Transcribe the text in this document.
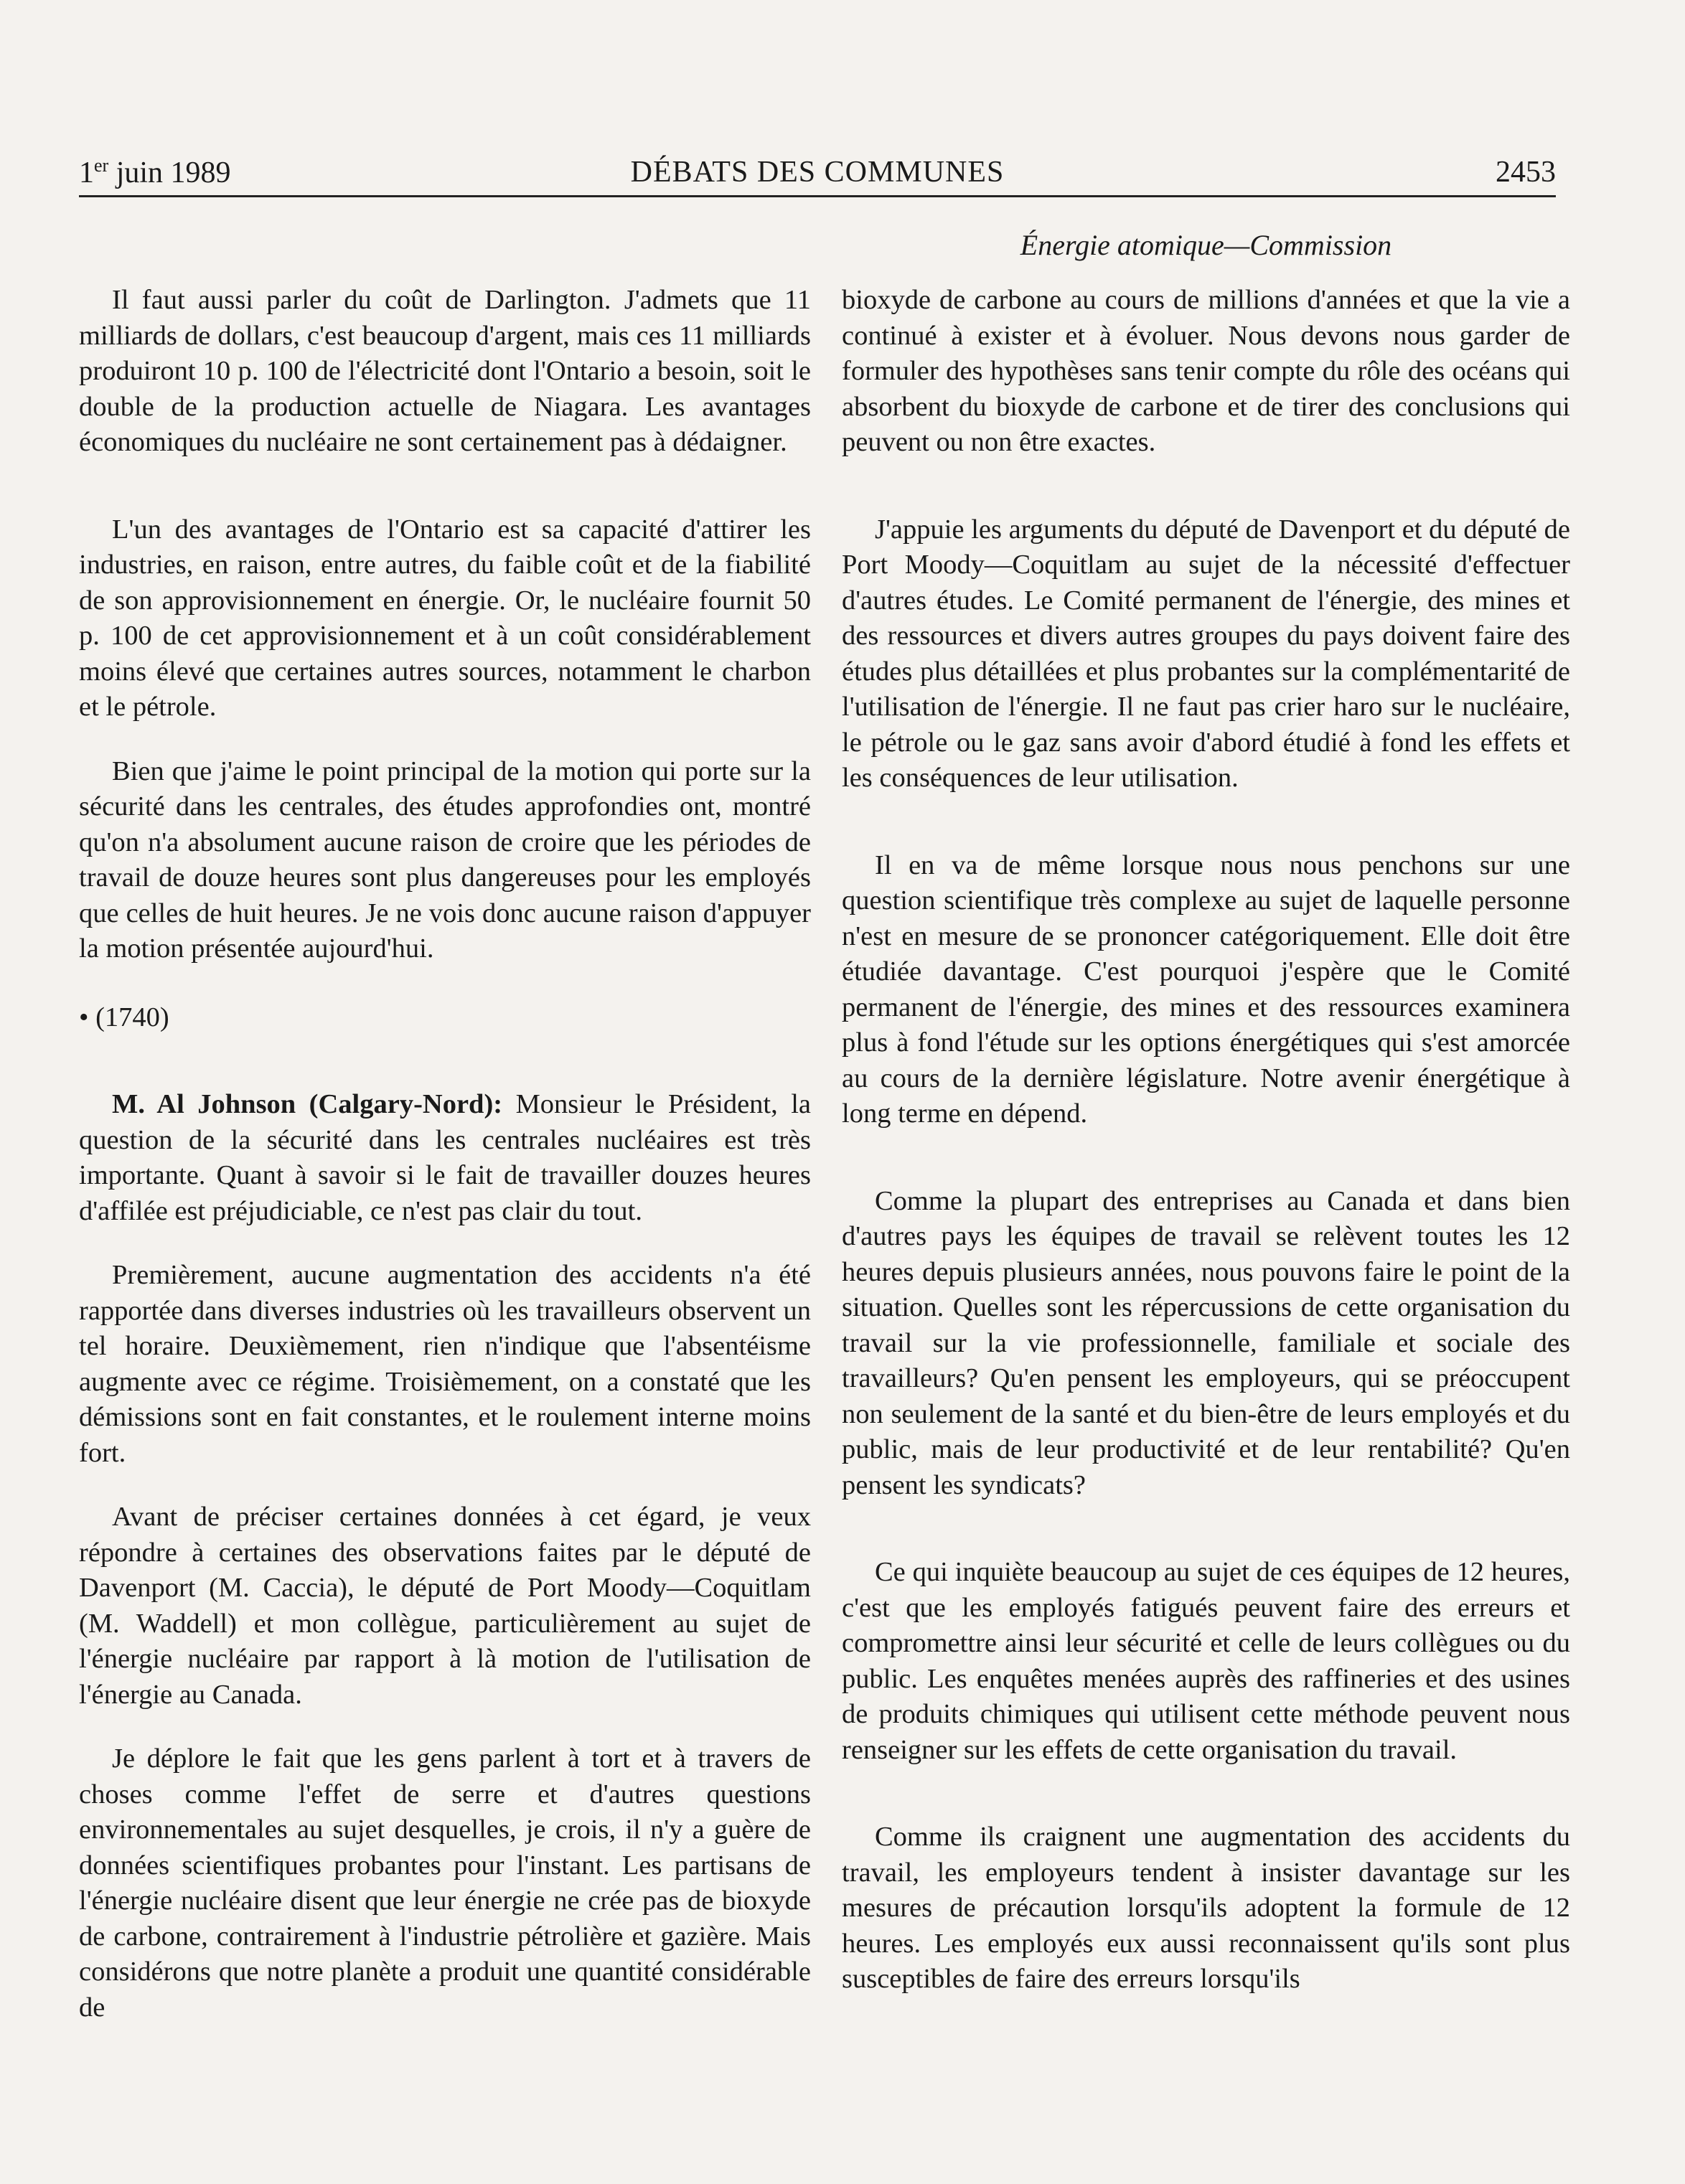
1er juin 1989	DÉBATS DES COMMUNES	2453
Énergie atomique—Commission

Il faut aussi parler du coût de Darlington. J'admets que 11 milliards de dollars, c'est beaucoup d'argent, mais ces 11 milliards produiront 10 p. 100 de l'électricité dont l'Ontario a besoin, soit le double de la production actuelle de Niagara. Les avantages économiques du nucléaire ne sont certainement pas à dédaigner.

L'un des avantages de l'Ontario est sa capacité d'attirer les industries, en raison, entre autres, du faible coût et de la fiabilité de son approvisionnement en énergie. Or, le nucléaire fournit 50 p. 100 de cet approvisionnement et à un coût considérablement moins élevé que certaines autres sources, notamment le charbon et le pétrole.

Bien que j'aime le point principal de la motion qui porte sur la sécurité dans les centrales, des études approfondies ont, montré qu'on n'a absolument aucune raison de croire que les périodes de travail de douze heures sont plus dangereuses pour les employés que celles de huit heures. Je ne vois donc aucune raison d'appuyer la motion présentée aujourd'hui.

• (1740)

M. Al Johnson (Calgary-Nord): Monsieur le Président, la question de la sécurité dans les centrales nucléaires est très importante. Quant à savoir si le fait de travailler douzes heures d'affilée est préjudiciable, ce n'est pas clair du tout.

Premièrement, aucune augmentation des accidents n'a été rapportée dans diverses industries où les travailleurs observent un tel horaire. Deuxièmement, rien n'indique que l'absentéisme augmente avec ce régime. Troisièmement, on a constaté que les démissions sont en fait constantes, et le roulement interne moins fort.

Avant de préciser certaines données à cet égard, je veux répondre à certaines des observations faites par le député de Davenport (M. Caccia), le député de Port Moody—Coquitlam (M. Waddell) et mon collègue, particulièrement au sujet de l'énergie nucléaire par rapport à là motion de l'utilisation de l'énergie au Canada.

Je déplore le fait que les gens parlent à tort et à travers de choses comme l'effet de serre et d'autres questions environnementales au sujet desquelles, je crois, il n'y a guère de données scientifiques probantes pour l'instant. Les partisans de l'énergie nucléaire disent que leur énergie ne crée pas de bioxyde de carbone, contrairement à l'industrie pétrolière et gazière. Mais considérons que notre planète a produit une quantité considérable de

bioxyde de carbone au cours de millions d'années et que la vie a continué à exister et à évoluer. Nous devons nous garder de formuler des hypothèses sans tenir compte du rôle des océans qui absorbent du bioxyde de carbone et de tirer des conclusions qui peuvent ou non être exactes.

J'appuie les arguments du député de Davenport et du député de Port Moody—Coquitlam au sujet de la nécessité d'effectuer d'autres études. Le Comité permanent de l'énergie, des mines et des ressources et divers autres groupes du pays doivent faire des études plus détaillées et plus probantes sur la complémentarité de l'utilisation de l'énergie. Il ne faut pas crier haro sur le nucléaire, le pétrole ou le gaz sans avoir d'abord étudié à fond les effets et les conséquences de leur utilisation.

Il en va de même lorsque nous nous penchons sur une question scientifique très complexe au sujet de laquelle personne n'est en mesure de se prononcer catégoriquement. Elle doit être étudiée davantage. C'est pourquoi j'espère que le Comité permanent de l'énergie, des mines et des ressources examinera plus à fond l'étude sur les options énergétiques qui s'est amorcée au cours de la dernière législature. Notre avenir énergétique à long terme en dépend.

Comme la plupart des entreprises au Canada et dans bien d'autres pays les équipes de travail se relèvent toutes les 12 heures depuis plusieurs années, nous pouvons faire le point de la situation. Quelles sont les répercussions de cette organisation du travail sur la vie professionnelle, familiale et sociale des travailleurs? Qu'en pensent les employeurs, qui se préoccupent non seulement de la santé et du bien-être de leurs employés et du public, mais de leur productivité et de leur rentabilité? Qu'en pensent les syndicats?

Ce qui inquiète beaucoup au sujet de ces équipes de 12 heures, c'est que les employés fatigués peuvent faire des erreurs et compromettre ainsi leur sécurité et celle de leurs collègues ou du public. Les enquêtes menées auprès des raffineries et des usines de produits chimiques qui utilisent cette méthode peuvent nous renseigner sur les effets de cette organisation du travail.

Comme ils craignent une augmentation des accidents du travail, les employeurs tendent à insister davantage sur les mesures de précaution lorsqu'ils adoptent la formule de 12 heures. Les employés eux aussi reconnaissent qu'ils sont plus susceptibles de faire des erreurs lorsqu'ils
